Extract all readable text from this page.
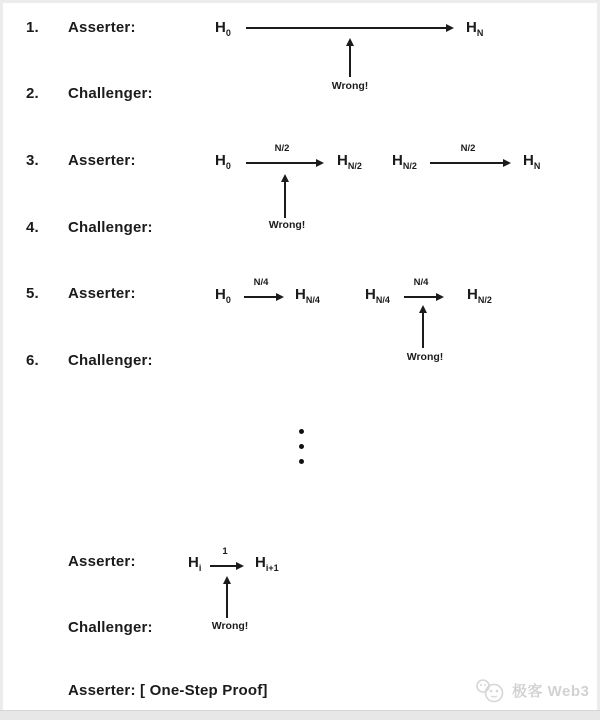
1. Asserter:	$H_0$	$H_N$
Wrong!
2. Challenger:
3. Asserter:	$H_0$
N/2
$H_{N/2}$ $H_{N/2}$
N/2
$H_N$
Wrong!
4. Challenger:
5. Asserter:	$H_0$
N/4
$H_{N/4}$	$H_{N/4}$
N/4
$H_{N/2}$
Wrong!
6. Challenger:
Asserter:	$H_i$
1
$H_{i+1}$
Wrong!
Challenger:
Asserter: [ One-Step Proof]	极客 Web3
